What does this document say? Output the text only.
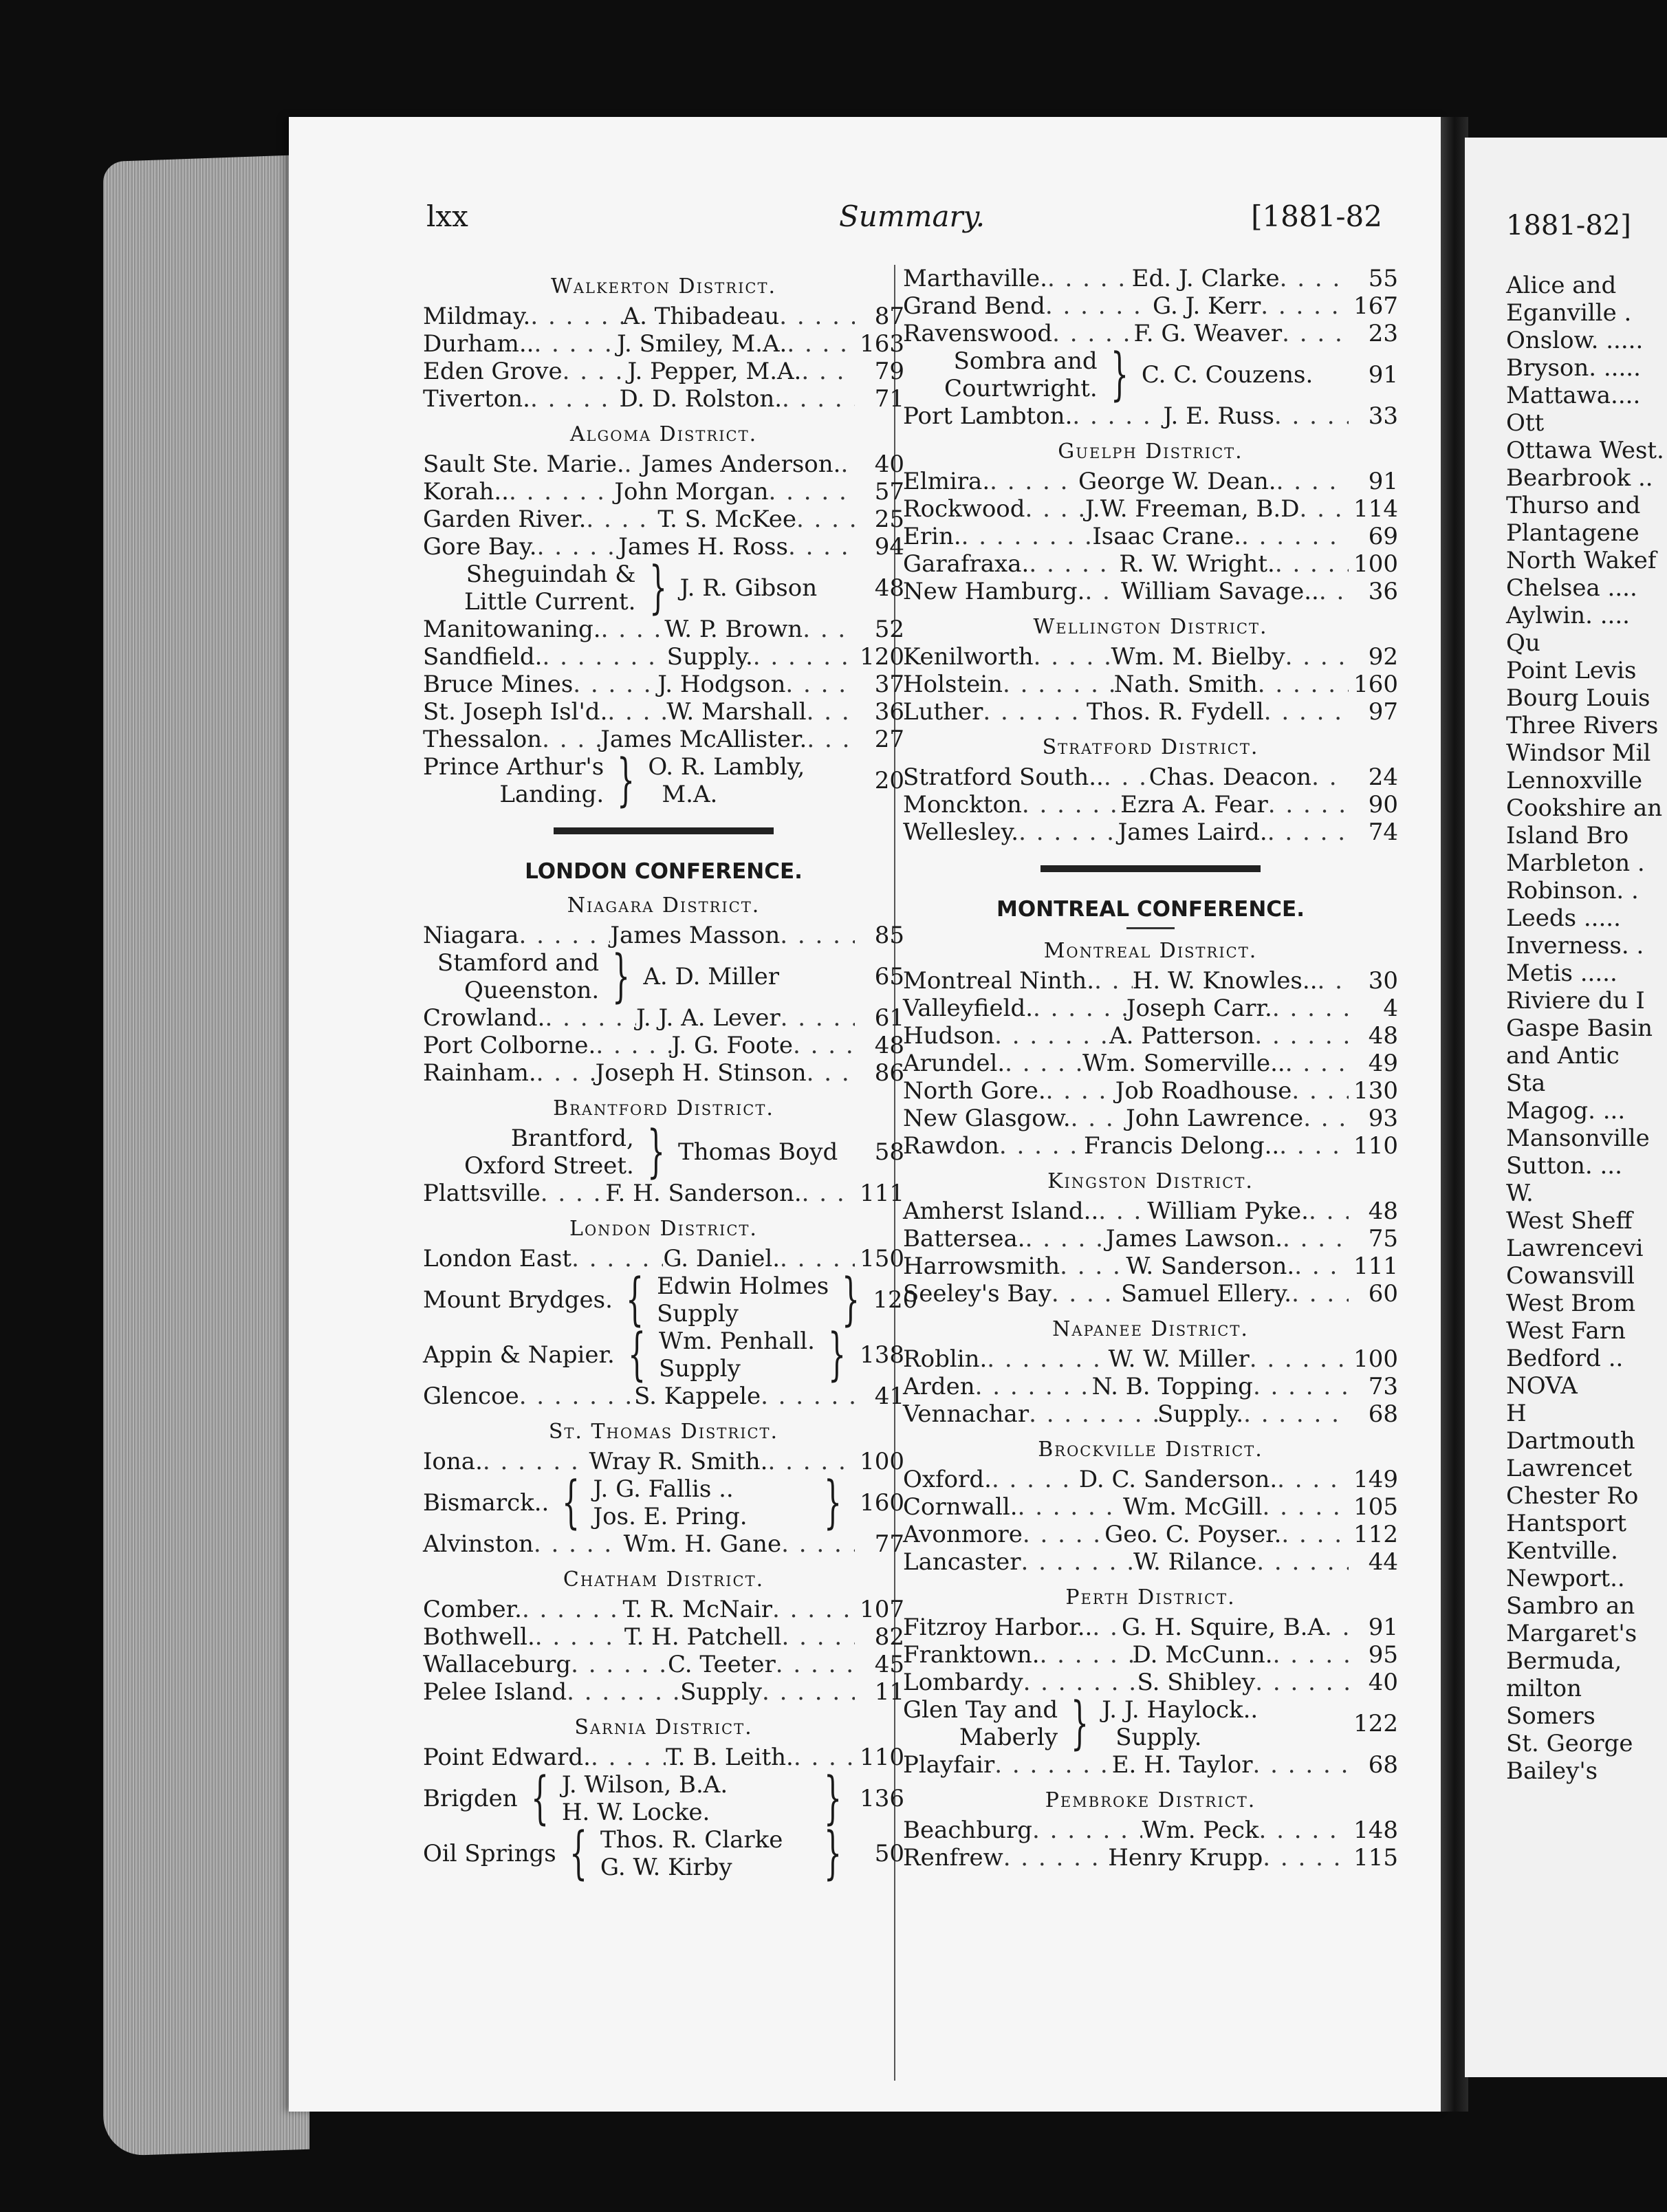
lxx	Summary.	[1881-82
Walkerton District.
Mildmay. . . .	A. Thibadeau . . .	87
Durham.. . . .	J. Smiley, M.A. . . .	163
Eden Grove . . .	J. Pepper, M.A. . . .	79
Tiverton. . . .	D. D. Rolston. . . .	71
Algoma District.
Sault Ste. Marie. . . . James Anderson. . . .	40
Korah.. . . .	John Morgan . . .	57
Garden River. . . .	T. S. McKee . . .	25
Gore Bay. . . .	James H. Ross . . .	94
Sheguindah &
Little Current. } J. R. Gibson	48
Manitowaning. . . .	W. P. Brown . . .	52
Sandfield. . . .	Supply. . . .	120
Bruce Mines . . .	J. Hodgson . . .	37
St. Joseph Isl'd. . . .	W. Marshall . . .	36
Thessalon . . .	James McAllister. . . .	27
Prince Arthur's
Landing. } O. R. Lambly,
M.A.	20
LONDON CONFERENCE.
Niagara District.
Niagara . . .	James Masson . . .	85
Stamford and
Queenston. } A. D. Miller	65
Crowland. . . .	J. J. A. Lever . . .	61
Port Colborne. . . .	J. G. Foote . . .	48
Rainham. . . .	Joseph H. Stinson . . .	86
Brantford District.
Brantford,
Oxford Street. } Thomas Boyd	58
Plattsville . . .	F. H. Sanderson. . . . 111
London District.
London East . . .	G. Daniel. . . .	150
Mount Brydges. { Edwin Holmes
Supply	} 120
Appin & Napier. { Wm. Penhall.
Supply	} 138
Glencoe . . .	S. Kappele . . .	41
St. Thomas District.
Iona. . . .	Wray R. Smith. . . .	100
Bismarck.. { J. G. Fallis ..
Jos. E. Pring.	} 160
Alvinston . . .	Wm. H. Gane . . .	77
Chatham District.
Comber. . . .	T. R. McNair . . .	107
Bothwell. . . .	T. H. Patchell . . .	82
Wallaceburg . . .	C. Teeter . . .	45
Pelee Island . . .	Supply . . .	11
Sarnia District.
Point Edward. . . .	T. B. Leith. . . .	110
Brigden { J. Wilson, B.A.
H. W. Locke.	} 136
Oil Springs { Thos. R. Clarke
G. W. Kirby	}	50
Marthaville. . . .	Ed. J. Clarke . . .	55
Grand Bend . . .	G. J. Kerr . . .	167
Ravenswood . . .	F. G. Weaver . . .	23
Sombra and
Courtwright. } C. C. Couzens.	91
Port Lambton. . . .	J. E. Russ . . .	33
Guelph District.
Elmira. . . .	George W. Dean. . . .	91
Rockwood . . .	J.W. Freeman, B.D . . . 114
Erin. . . .	Isaac Crane. . . .	69
Garafraxa. . . .	R. W. Wright. . . .	100
New Hamburg. . . . William Savage.. . . .	36
Wellington District.
Kenilworth . . .	Wm. M. Bielby . . .	92
Holstein . . .	Nath. Smith . . .	160
Luther . . .	Thos. R. Fydell . . .	97
Stratford District.
Stratford South.. . . . Chas. Deacon . . .	24
Monckton . . .	Ezra A. Fear . . .	90
Wellesley. . . .	James Laird. . . .	74
MONTREAL CONFERENCE.
Montreal District.
Montreal Ninth. . . . H. W. Knowles.. . . .	30
Valleyfield. . . .	Joseph Carr. . . .	4
Hudson . . .	A. Patterson . . .	48
Arundel. . . .	Wm. Somerville.. . . .	49
North Gore. . . .	Job Roadhouse . . .	130
New Glasgow. . . . John Lawrence . . .	93
Rawdon . . .	Francis Delong.. . . .	110
Kingston District.
Amherst Island.. . . . William Pyke. . . .	48
Battersea. . . .	James Lawson. . . .	75
Harrowsmith . . .	W. Sanderson. . . .	111
Seeley's Bay . . .	Samuel Ellery. . . .	60
Napanee District.
Roblin. . . .	W. W. Miller . . .	100
Arden . . .	N. B. Topping . . .	73
Vennachar . . .	Supply. . . .	68
Brockville District.
Oxford. . . .	D. C. Sanderson. . . .	149
Cornwall. . . .	Wm. McGill . . .	105
Avonmore . . .	Geo. C. Poyser. . . .	112
Lancaster . . .	W. Rilance . . .	44
Perth District.
Fitzroy Harbor.. . . . G. H. Squire, B.A . . .	91
Franktown. . . .	D. McCunn. . . .	95
Lombardy . . .	S. Shibley . . .	40
Glen Tay and
Maberly } J. J. Haylock..
Supply.	122
Playfair . . .	E. H. Taylor . . .	68
Pembroke District.
Beachburg . . .	Wm. Peck . . .	148
Renfrew . . .	Henry Krupp . . .	115
1881-82]
Alice and
Eganville .
Onslow. .....
Bryson. .....
Mattawa....
Ott
Ottawa West.
Bearbrook ..
Thurso and
Plantagene
North Wakef
Chelsea ....
Aylwin. ....
Qu
Point Levis
Bourg Louis
Three Rivers
Windsor Mil
Lennoxville
Cookshire an
Island Bro
Marbleton .
Robinson. .
Leeds .....
Inverness. .
Metis .....
Riviere du I
Gaspe Basin
and Antic
Sta
Magog. ...
Mansonville
Sutton. ...
W.
West Sheff
Lawrencevi
Cowansvill
West Brom
West Farn
Bedford ..
NOVA
H
Dartmouth
Lawrencet
Chester Ro
Hantsport
Kentville.
Newport..
Sambro an
Margaret's
Bermuda,
milton
Somers
St. George
Bailey's
